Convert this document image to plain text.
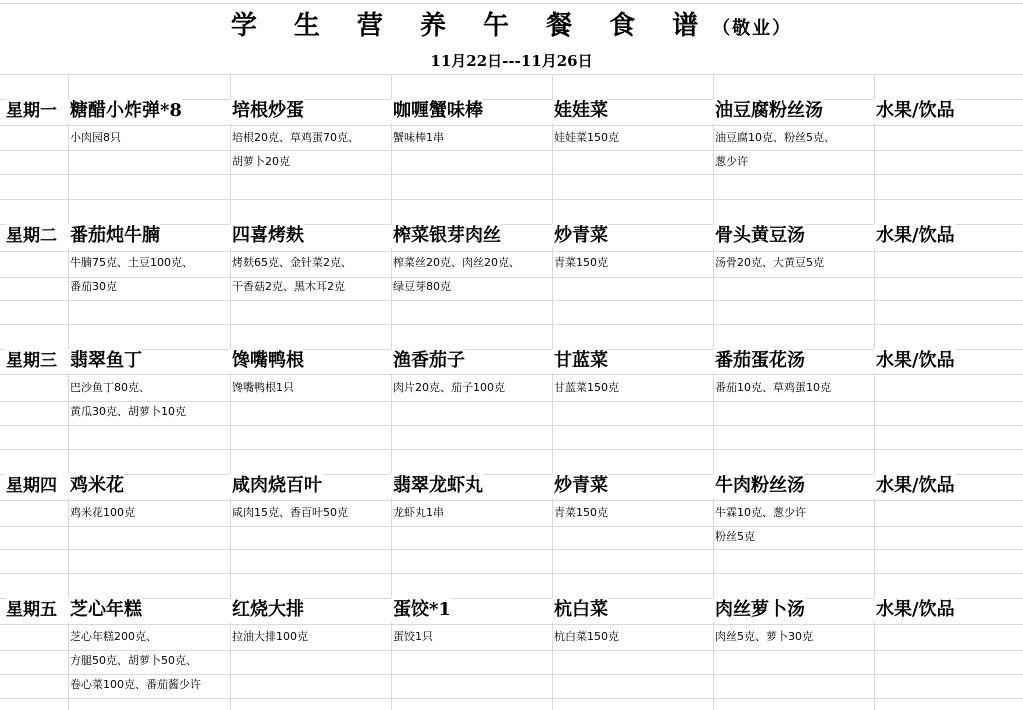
学 生 营 养 午 餐 食 谱（敬业）
11月22日---11月26日
星期一 糖醋小炸弹*8
小肉园8只
培根炒蛋
培根20克、草鸡蛋70克、
胡萝卜20克
咖喱蟹味棒
蟹味棒1串
娃娃菜
娃娃菜150克
油豆腐粉丝汤
油豆腐10克、粉丝5克、
葱少许
水果/饮品
星期二 番茄炖牛腩
牛腩75克、土豆100克、
番茄30克
四喜烤麸
烤麸65克、金针菜2克、
干香菇2克、黑木耳2克
榨菜银芽肉丝
榨菜丝20克、肉丝20克、
绿豆芽80克
炒青菜
青菜150克
骨头黄豆汤
汤骨20克、大黄豆5克
水果/饮品
星期三 翡翠鱼丁
巴沙鱼丁80克、
黄瓜30克、胡萝卜10克
馋嘴鸭根
馋嘴鸭根1只
渔香茄子
肉片20克、茄子100克
甘蓝菜
甘蓝菜150克
番茄蛋花汤
番茄10克、草鸡蛋10克
水果/饮品
星期四 鸡米花
鸡米花100克
咸肉烧百叶
咸肉15克、香百叶50克
翡翠龙虾丸
龙虾丸1串
炒青菜
青菜150克
牛肉粉丝汤
牛霖10克、葱少许
粉丝5克
水果/饮品
星期五 芝心年糕
芝心年糕200克、
方腿50克、胡萝卜50克、
卷心菜100克、番茄酱少许
红烧大排
拉油大排100克
蛋饺*1
蛋饺1只
杭白菜
杭白菜150克
肉丝萝卜汤
肉丝5克、萝卜30克
水果/饮品
